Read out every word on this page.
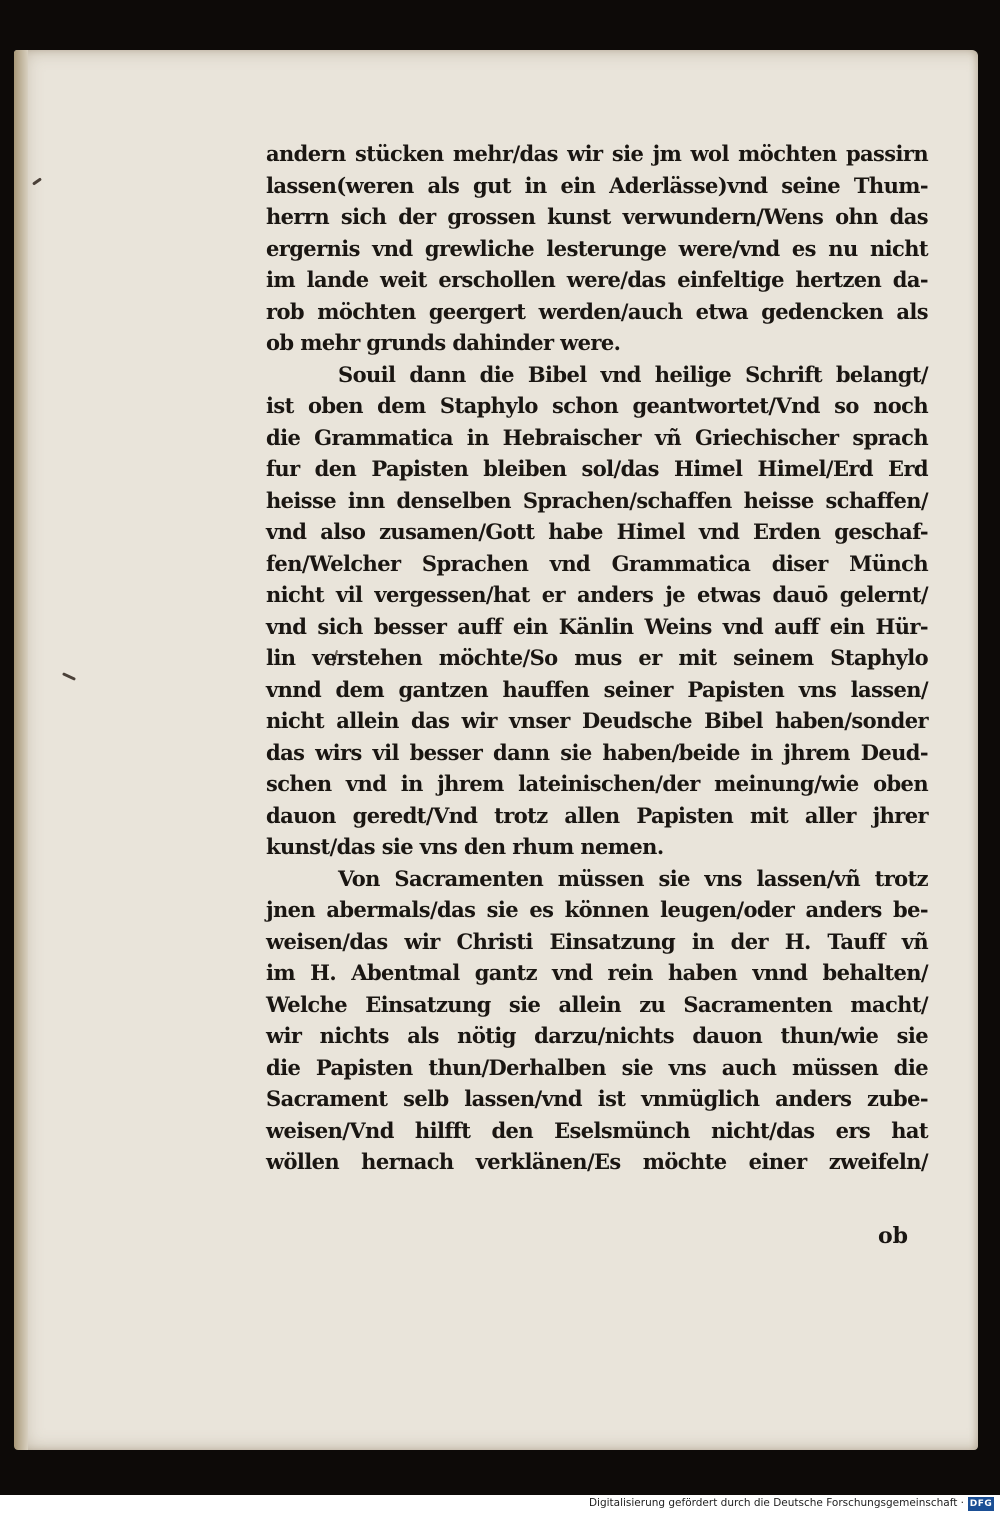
andern stücken mehr/das wir sie jm wol möchten passirn
lassen(weren als gut in ein Aderlässe)vnd seine Thum-
herrn sich der grossen kunst verwundern/Wens ohn das
ergernis vnd grewliche lesterunge were/vnd es nu nicht
im lande weit erschollen were/das einfeltige hertzen da-
rob möchten geergert werden/auch etwa gedencken als
ob mehr grunds dahinder were.
Souil dann die Bibel vnd heilige Schrift belangt/
ist oben dem Staphylo schon geantwortet/Vnd so noch
die Grammatica in Hebraischer vñ Griechischer sprach
fur den Papisten bleiben sol/das Himel Himel/Erd Erd
heisse inn denselben Sprachen/schaffen heisse schaffen/
vnd also zusamen/Gott habe Himel vnd Erden geschaf-
fen/Welcher Sprachen vnd Grammatica diser Münch
nicht vil vergessen/hat er anders je etwas dauō gelernt/
vnd sich besser auff ein Känlin Weins vnd auff ein Hür-
lin verstehen möchte/So mus er mit seinem Staphylo
vnnd dem gantzen hauffen seiner Papisten vns lassen/
nicht allein das wir vnser Deudsche Bibel haben/sonder
das wirs vil besser dann sie haben/beide in jhrem Deud-
schen vnd in jhrem lateinischen/der meinung/wie oben
dauon geredt/Vnd trotz allen Papisten mit aller jhrer
kunst/das sie vns den rhum nemen.
Von Sacramenten müssen sie vns lassen/vñ trotz
jnen abermals/das sie es können leugen/oder anders be-
weisen/das wir Christi Einsatzung in der H. Tauff vñ
im H. Abentmal gantz vnd rein haben vnnd behalten/
Welche Einsatzung sie allein zu Sacramenten macht/
wir nichts als nötig darzu/nichts dauon thun/wie sie
die Papisten thun/Derhalben sie vns auch müssen die
Sacrament selb lassen/vnd ist vnmüglich anders zube-
weisen/Vnd hilfft den Eselsmünch nicht/das ers hat
wöllen hernach verklänen/Es möchte einer zweifeln/
ob
Digitalisierung gefördert durch die Deutsche Forschungsgemeinschaft · DFG
